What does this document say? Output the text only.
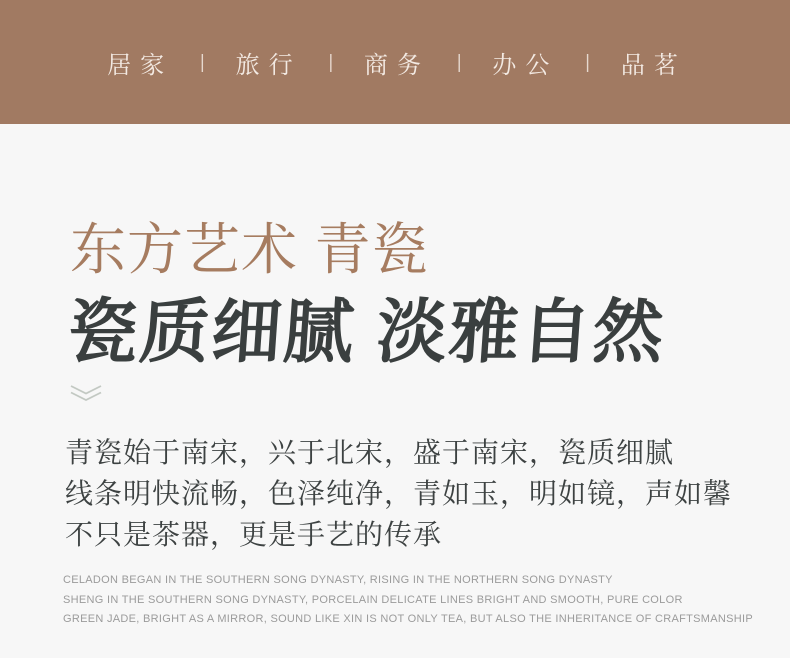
居家 | 旅行 | 商务 | 办公 | 品茗
东方艺术 青瓷
瓷质细腻 淡雅自然

青瓷始于南宋，兴于北宋，盛于南宋，瓷质细腻

线条明快流畅，色泽纯净，青如玉，明如镜，声如馨

不只是茶器，更是手艺的传承

CELADON BEGAN IN THE SOUTHERN SONG DYNASTY, RISING IN THE NORTHERN SONG DYNASTY

SHENG IN THE SOUTHERN SONG DYNASTY, PORCELAIN DELICATE LINES BRIGHT AND SMOOTH, PURE COLOR

GREEN JADE, BRIGHT AS A MIRROR, SOUND LIKE XIN IS NOT ONLY TEA, BUT ALSO THE INHERITANCE OF CRAFTSMANSHIP
